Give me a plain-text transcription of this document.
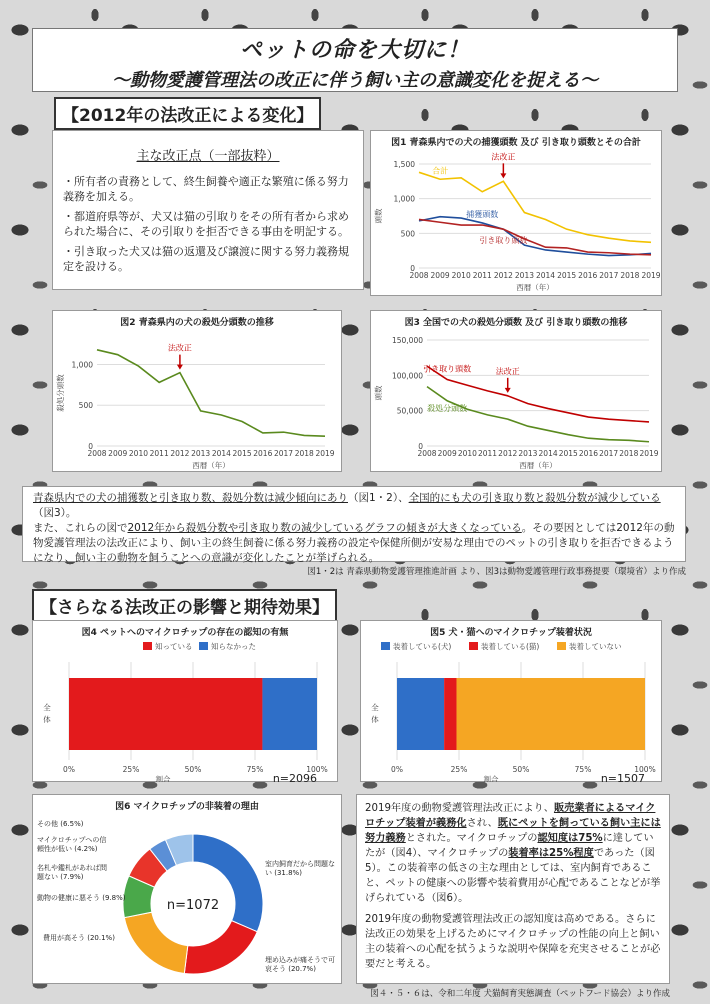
ペットの命を大切に！
～動物愛護管理法の改正に伴う飼い主の意識変化を捉える～
【2012年の法改正による変化】
主な改正点（一部抜粋）
・所有者の責務として、終生飼養や適正な繁殖に係る努力義務を加える。
・都道府県等が、犬又は猫の引取りをその所有者から求められた場合に、その引取りを拒否できる事由を明記する。
・引き取った犬又は猫の返還及び譲渡に関する努力義務規定を設ける。
図1 青森県内での犬の捕獲頭数 及び 引き取り頭数とその合計
0
500
1,000
1,500
2008 2009 2010 2011 2012 2013 2014 2015 2016 2017 2018 2019
西暦（年）
頭数
合計
捕獲頭数
引き取り頭数
法改正
図2 青森県内の犬の殺処分頭数の推移
0
500
1,000
2008 2009 2010 2011 2012 2013 2014 2015 2016 2017 2018 2019
西暦（年）
殺処分頭数
法改正
図3 全国での犬の殺処分頭数 及び 引き取り頭数の推移
0
50,000
100,000
150,000
2008 2009 2010 2011 2012 2013 2014 2015 2016 2017 2018 2019
西暦（年）
頭数
引き取り頭数
殺処分頭数
法改正
青森県内での犬の捕獲数と引き取り数、殺処分数は減少傾向にあり（図1・2）、全国的にも犬の引き取り数と殺処分数が減少している（図3）。
また、これらの図で2012年から殺処分数や引き取り数の減少しているグラフの傾きが大きくなっている。その要因としては2012年の動物愛護管理法の法改正により、飼い主の終生飼養に係る努力義務の設定や保健所側が安易な理由でのペットの引き取りを拒否できるようになり、飼い主の動物を飼うことへの意識が変化したことが挙げられる。
図1・2は 青森県動物愛護管理推進計画 より、図3は動物愛護管理行政事務提要（環境省）より作成
【さらなる法改正の影響と期待効果】
図4 ペットへのマイクロチップの存在の認知の有無
知っている 知らなかった
0%	25%	50%	75%	100%
全
体
割合	n=2096
図5 犬・猫へのマイクロチップ装着状況
装着している(犬)	装着している(猫)	装着していない
0%	25%	50%	75%	100%
全
体
割合	n=1507
図6 マイクロチップの非装着の理由
n=1072
その他 (6.5%)
マイクロチップへの信頼性が低い (4.2%)
名札や鑑札があれば問題ない (7.9%)
動物の健康に悪そう (9.8%)
費用が高そう (20.1%)
埋め込みが痛そうで可哀そう (20.7%)
室内飼育だから問題ない (31.8%)
2019年度の動物愛護管理法改正により、販売業者によるマイクロチップ装着が義務化され、既にペットを飼っている飼い主には努力義務とされた。マイクロチップの認知度は75%に達していたが（図4）、マイクロチップの装着率は25%程度であった（図5）。この装着率の低さの主な理由としては、室内飼育であること、ペットの健康への影響や装着費用が心配であることなどが挙げられている（図6）。
2019年度の動物愛護管理法改正の認知度は高めである。さらに法改正の効果を上げるためにマイクロチップの性能の向上と飼い主の装着への心配を拭うような説明や保障を充実させることが必要だと考える。
図４・５・６は、令和二年度 犬猫飼育実態調査（ペットフード協会）より作成
